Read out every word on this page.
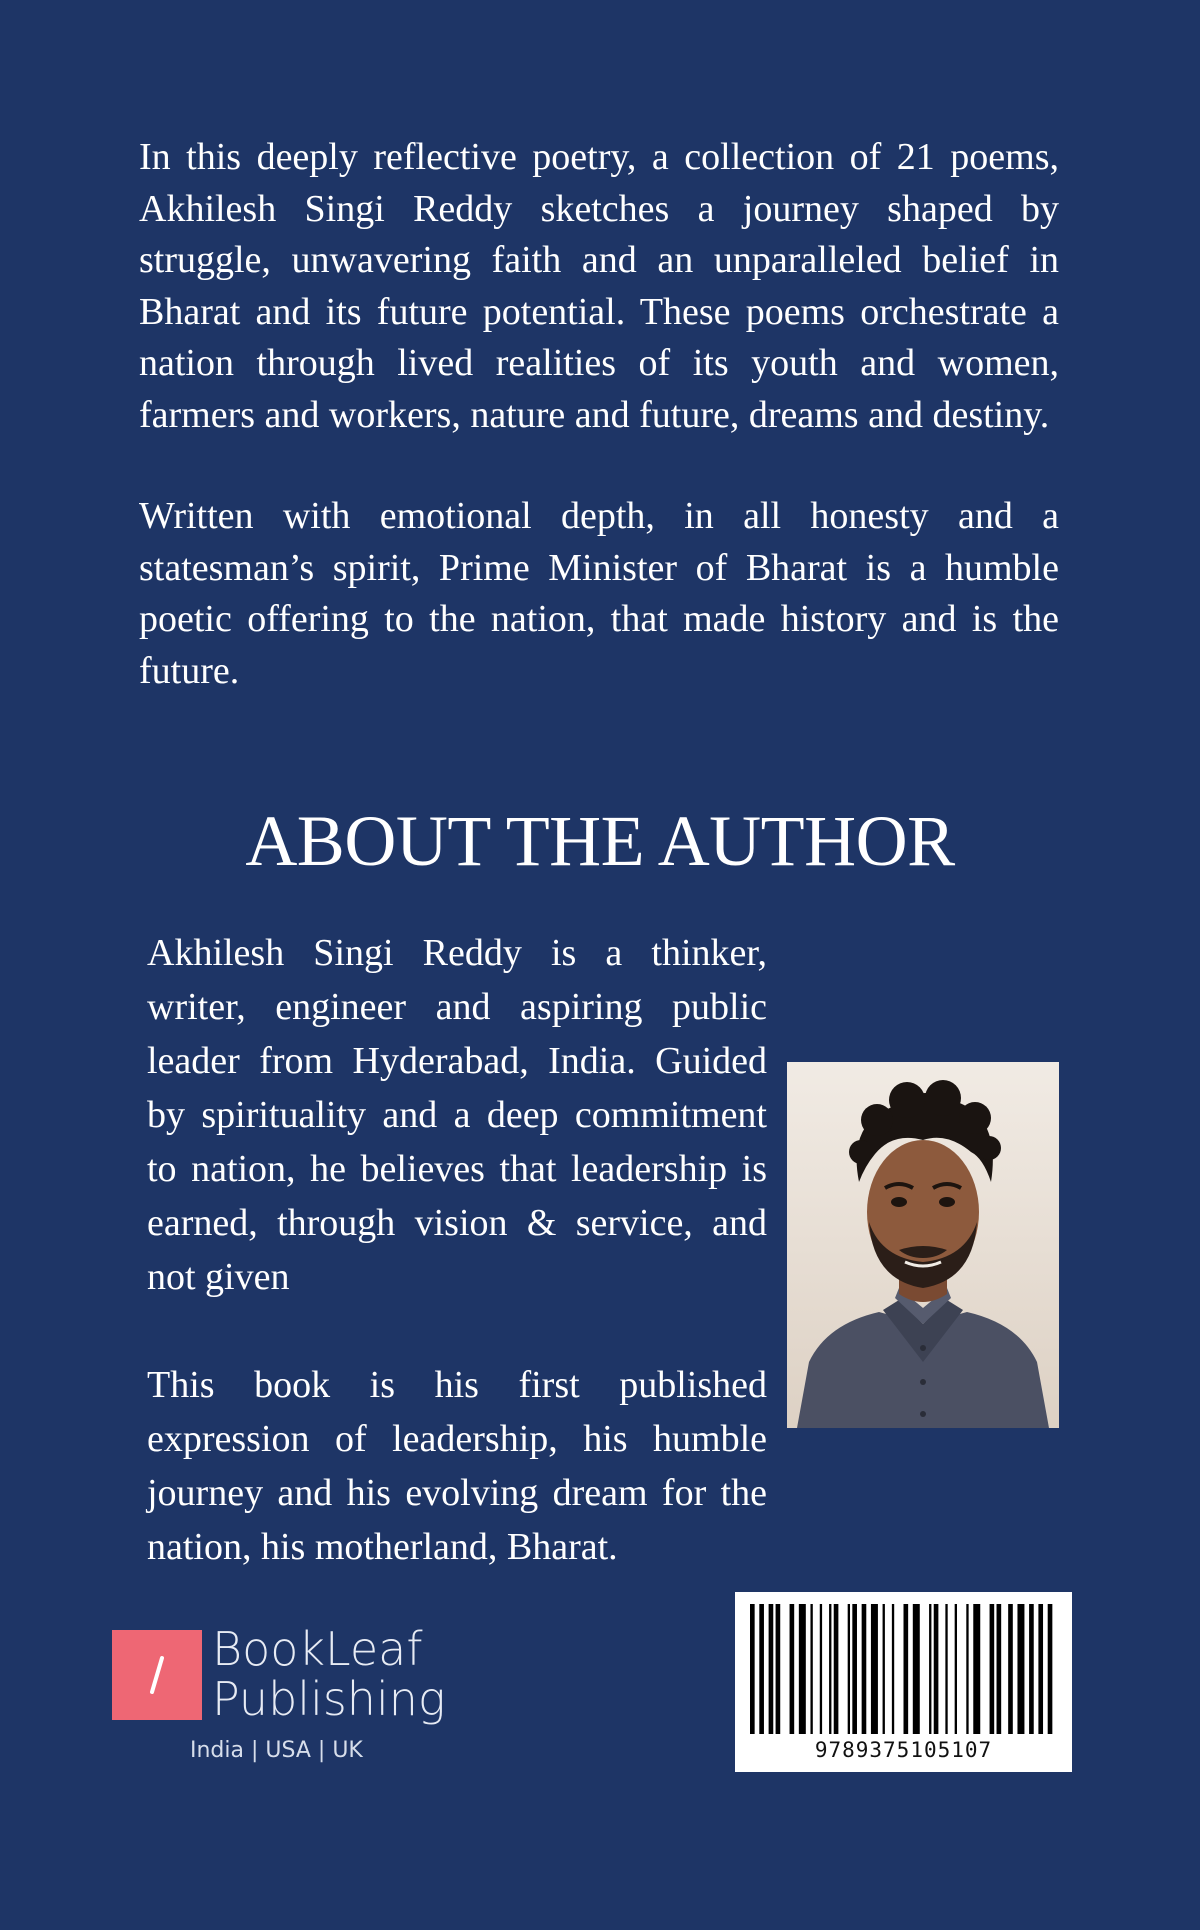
In this deeply reflective poetry, a collection of 21 poems, Akhilesh Singi Reddy sketches a journey shaped by struggle, unwavering faith and an unparalleled belief in Bharat and its future potential. These poems orchestrate a nation through lived realities of its youth and women, farmers and workers, nature and future, dreams and destiny.

Written with emotional depth, in all honesty and a statesman’s spirit, Prime Minister of Bharat is a humble poetic offering to the nation, that made history and is the future.

ABOUT THE AUTHOR

Akhilesh Singi Reddy is a thinker, writer, engineer and aspiring public leader from Hyderabad, India. Guided by spirituality and a deep commitment to nation, he believes that leadership is earned, through vision & service, and not given

This book is his first published expression of leadership, his humble journey and his evolving dream for the nation, his motherland, Bharat.

BookLeaf
Publishing
India | USA | UK	9789375105107
